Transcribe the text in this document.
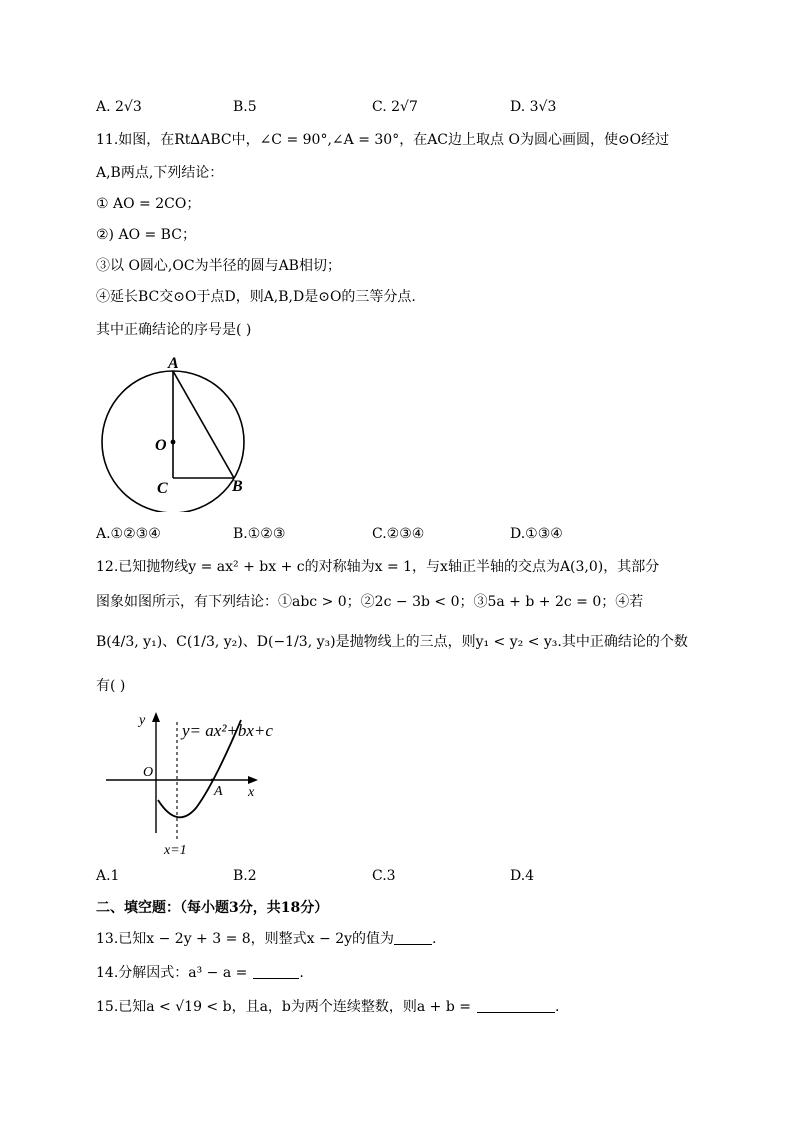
A. 2√3	B.5	C. 2√7	D. 3√3
11.如图，在Rt∆ABC中，∠C = 90°,∠A = 30°，在AC边上取点 O为圆心画圆，使⊙O经过
A,B两点,下列结论：
① AO = 2CO；
②) AO = BC；
③以 O圆心,OC为半径的圆与AB相切；
④延长BC交⊙O于点D，则A,B,D是⊙O的三等分点.
其中正确结论的序号是( )
A
O
C	B
A.①②③④	B.①②③	C.②③④	D.①③④
12.已知抛物线y = ax² + bx + c的对称轴为x = 1，与x轴正半轴的交点为A(3,0)，其部分
图象如图所示，有下列结论：①abc > 0；②2c − 3b < 0；③5a + b + 2c = 0；④若
B(4/3, y₁)、C(1/3, y₂)、D(−1/3, y₃)是抛物线上的三点，则y₁ < y₂ < y₃.其中正确结论的个数
有( )
y= ax²+bx+c
y
x
O
A
x=1
A.1	B.2	C.3	D.4
二、填空题：（每小题3分，共18分）
13.已知x − 2y + 3 = 8，则整式x − 2y的值为	.
14.分解因式：a³ − a =	.
15.已知a < √19 < b，且a，b为两个连续整数，则a + b =	.
